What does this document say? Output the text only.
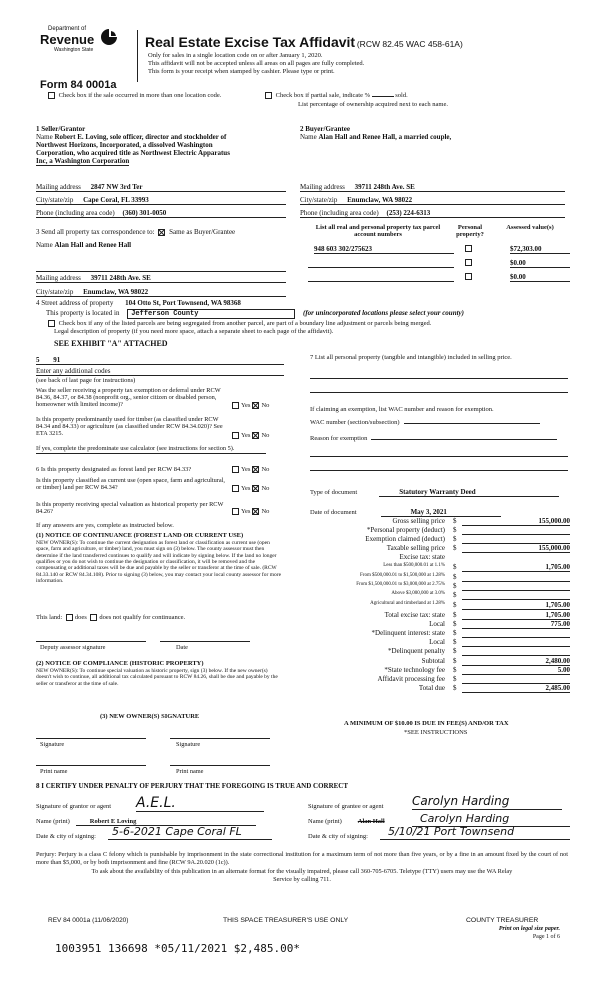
Department of
Revenue
Washington State
Form 84 0001a
Real Estate Excise Tax Affidavit (RCW 82.45 WAC 458-61A)
Only for sales in a single location code on or after January 1, 2020.
This affidavit will not be accepted unless all areas on all pages are fully completed.
This form is your receipt when stamped by cashier. Please type or print.
Check box if the sale occurred in more than one location code.	Check box if partial sale, indicate %	sold.
List percentage of ownership acquired next to each name.
1 Seller/Grantor
Name Robert E. Loving, sole officer, director and stockholder of
Northwest Horizons, Incorporated, a dissolved Washington
Corporation, who acquired title as Northwest Electric Apparatus
Inc, a Washington Corporation
Mailing address 2847 NW 3rd Ter
City/state/zip Cape Coral, FL 33993
Phone (including area code) (360) 301-0050
2 Buyer/Grantee
Name Alan Hall and Renee Hall, a married couple,
Mailing address 39711 248th Ave. SE
City/state/zip Enumclaw, WA 98022
Phone (including area code) (253) 224-6313
3 Send all property tax correspondence to: Same as Buyer/Grantee
Name Alan Hall and Renee Hall
Mailing address 39711 248th Ave. SE
City/state/zip Enumclaw, WA 98022
List all real and personal property tax parcel account numbers
Personal property?
Assessed value(s)
948 603 302/275623	$72,303.00
$0.00
$0.00
4 Street address of property 104 Otto St, Port Townsend, WA 98368
This property is located in Jefferson County	(for unincorporated locations please select your county)
Check box if any of the listed parcels are being segregated from another parcel, are part of a boundary line adjustment or parcels being merged.
Legal description of property (if you need more space, attach a separate sheet to each page of the affidavit).
SEE EXHIBIT "A" ATTACHED
5 91
Enter any additional codes
(see back of last page for instructions)
Was the seller receiving a property tax exemption or deferral under RCW 84.36, 84.37, or 84.38 (nonprofit org., senior citizen or disabled person, homeowner with limited income)?	Yes No
Is this property predominantly used for timber (as classified under RCW 84.34 and 84.33) or agriculture (as classified under RCW 84.34.020)? See ETA 3215.	Yes No
If yes, complete the predominate use calculator (see instructions for section 5).
6 Is this property designated as forest land per RCW 84.33?	Yes No
Is this property classified as current use (open space, farm and agricultural, or timber) land per RCW 84.34?	Yes No
Is this property receiving special valuation as historical property per RCW 84.26?	Yes No
If any answers are yes, complete as instructed below.
(1) NOTICE OF CONTINUANCE (FOREST LAND OR CURRENT USE)
NEW OWNER(S): To continue the current designation as forest land or classification as current use (open space, farm and agriculture, or timber) land, you must sign on (3) below. The county assessor must then determine if the land transferred continues to qualify and will indicate by signing below. If the land no longer qualifies or you do not wish to continue the designation or classification, it will be removed and the compensating or additional taxes will be due and payable by the seller or transferor at the time of sale. (RCW 84.33.140 or RCW 84.34.108). Prior to signing (3) below, you may contact your local county assessor for more information.
This land: does does not qualify for continuance.
Deputy assessor signature	Date
(2) NOTICE OF COMPLIANCE (HISTORIC PROPERTY)
NEW OWNER(S): To continue special valuation as historic property, sign (3) below. If the new owner(s) doesn't wish to continue, all additional tax calculated pursuant to RCW 84.26, shall be due and payable by the seller or transferor at the time of sale.
(3) NEW OWNER(S) SIGNATURE
Signature	Signature
Print name	Print name
7 List all personal property (tangible and intangible) included in selling price.
If claiming an exemption, list WAC number and reason for exemption.
WAC number (section/subsection)
Reason for exemption
Type of document	Statutory Warranty Deed
Date of document	May 3, 2021
Gross selling price $	155,000.00
*Personal property (deduct) $
Exemption claimed (deduct) $
Taxable selling price $	155,000.00
Excise tax: state
Less than $500,000.01 at 1.1% $	1,705.00
From $500,000.01 to $1,500,000 at 1.28% $
From $1,500,000.01 to $3,000,000 at 2.75% $
Above $3,000,000 at 3.0% $
Agricultural and timberland at 1.28% $	1,705.00
Total excise tax: state $	1,705.00
Local $	775.00
*Delinquent interest: state $
Local $
*Delinquent penalty $
Subtotal $	2,480.00
*State technology fee $	5.00
Affidavit processing fee $
Total due $	2,485.00
A MINIMUM OF $10.00 IS DUE IN FEE(S) AND/OR TAX
*SEE INSTRUCTIONS
8 I CERTIFY UNDER PENALTY OF PERJURY THAT THE FOREGOING IS TRUE AND CORRECT
Signature of grantor or agent A.E.L.	Signature of grantee or agent Carolyn Harding
Name (print)	Robert E Loving	Name (print) Alan Hall	Carolyn Harding
Date & city of signing:	5-6-2021 Cape Coral FL	Date & city of signing:	5/10/21 Port Townsend
Perjury: Perjury is a class C felony which is punishable by imprisonment in the state correctional institution for a maximum term of not more than five years, or by a fine in an amount fixed by the court of not more than $5,000, or by both imprisonment and fine (RCW 9A.20.020 (1c)).
To ask about the availability of this publication in an alternate format for the visually impaired, please call 360-705-6705. Teletype (TTY) users may use the WA Relay Service by calling 711.
REV 84 0001a (11/06/2020)	THIS SPACE TREASURER'S USE ONLY	COUNTY TREASURER
Print on legal size paper.
Page 1 of 6
1003951 136698 *05/11/2021 $2,485.00*
